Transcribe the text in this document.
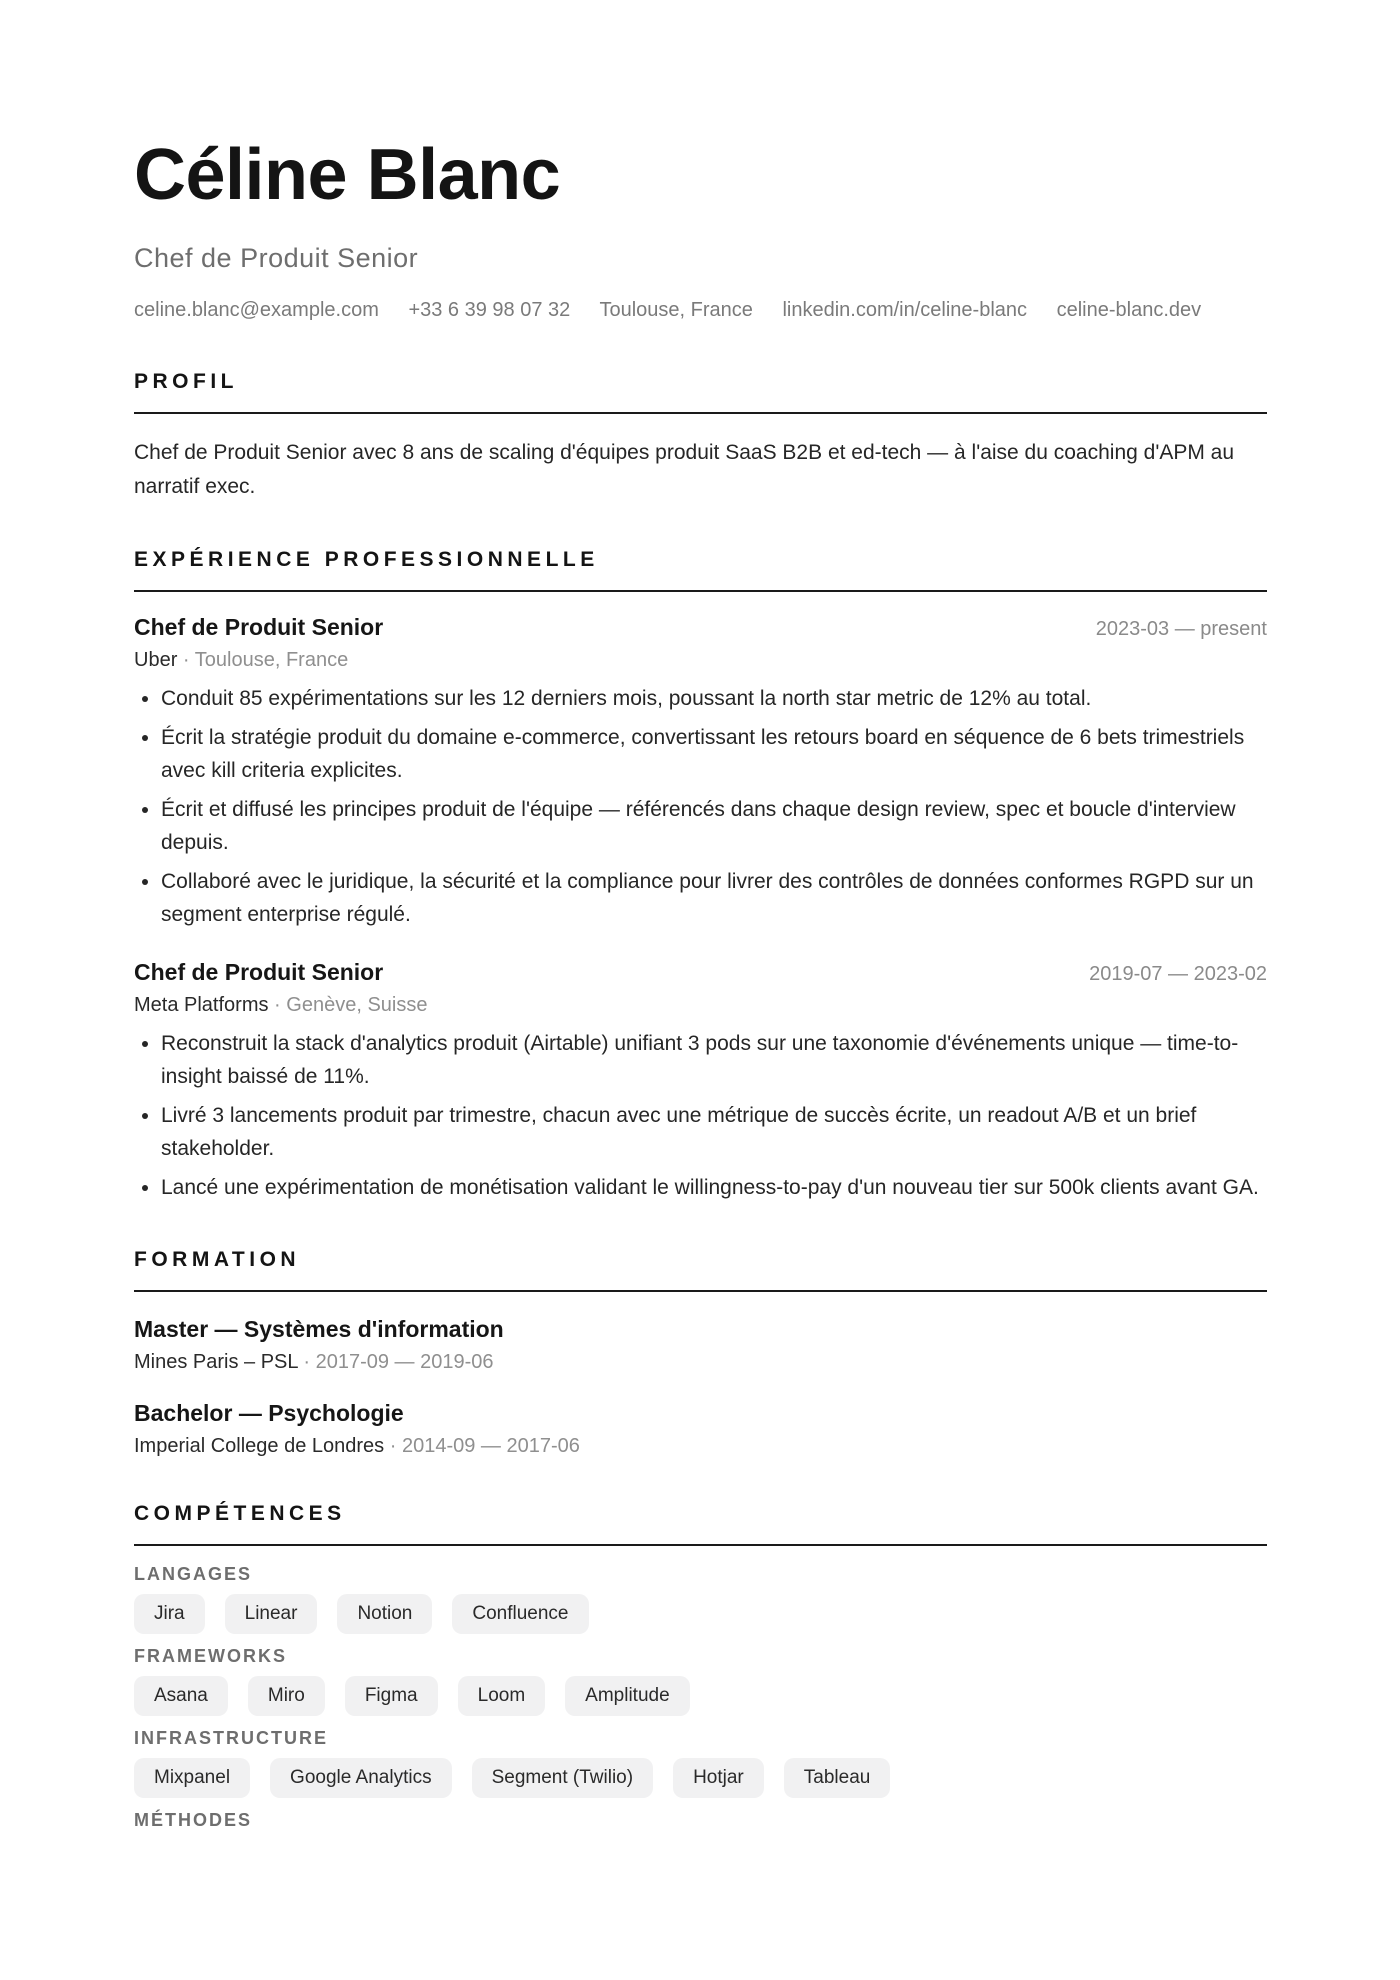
Céline Blanc
Chef de Produit Senior
celine.blanc@example.com +33 6 39 98 07 32 Toulouse, France linkedin.com/in/celine-blanc celine-blanc.dev
PROFIL
Chef de Produit Senior avec 8 ans de scaling d'équipes produit SaaS B2B et ed-tech — à l'aise du coaching d'APM au narratif exec.
EXPÉRIENCE PROFESSIONNELLE
Chef de Produit Senior	2023-03 — present
Uber · Toulouse, France
• Conduit 85 expérimentations sur les 12 derniers mois, poussant la north star metric de 12% au total.
• Écrit la stratégie produit du domaine e-commerce, convertissant les retours board en séquence de 6 bets trimestriels avec kill criteria explicites.
• Écrit et diffusé les principes produit de l'équipe — référencés dans chaque design review, spec et boucle d'interview depuis.
• Collaboré avec le juridique, la sécurité et la compliance pour livrer des contrôles de données conformes RGPD sur un segment enterprise régulé.
Chef de Produit Senior	2019-07 — 2023-02
Meta Platforms · Genève, Suisse
• Reconstruit la stack d'analytics produit (Airtable) unifiant 3 pods sur une taxonomie d'événements unique — time-to-insight baissé de 11%.
• Livré 3 lancements produit par trimestre, chacun avec une métrique de succès écrite, un readout A/B et un brief stakeholder.
• Lancé une expérimentation de monétisation validant le willingness-to-pay d'un nouveau tier sur 500k clients avant GA.
FORMATION
Master — Systèmes d'information
Mines Paris – PSL · 2017-09 — 2019-06
Bachelor — Psychologie
Imperial College de Londres · 2014-09 — 2017-06
COMPÉTENCES
LANGAGES
Jira	Linear	Notion	Confluence
FRAMEWORKS
Asana	Miro	Figma	Loom	Amplitude
INFRASTRUCTURE
Mixpanel	Google Analytics	Segment (Twilio)	Hotjar	Tableau
MÉTHODES
